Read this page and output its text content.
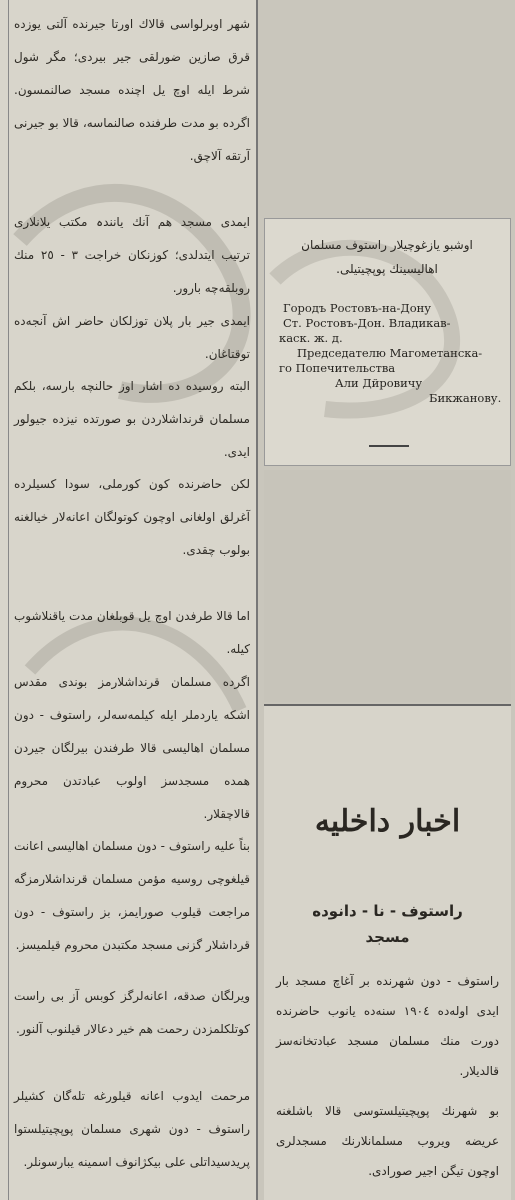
شهر اوبرلواسی قالاك اورتا جیرنده آلتی یوزده قرق صازین ضورلقی جیر بیردی؛ مگر شول شرط ایله اوچ یل اچنده مسجد صالنمسون. اگرده بو مدت طرفنده صالنماسه، قالا بو جیرنی آرتقه آلاچق.

ایمدی مسجد هم آنك یانندہ مكتب یلانلاری ترتیب ایتدلدی؛ کوزنکان خراجت ٣ - ٢٥ منك روبلقه‌چه بارور.

ایمدی جیر بار پلان توزلکان حاضر اش آنجه‌ده توقتاغان.

البته روسیده ده اشار اوز حالنچه بارسه، بلکم مسلمان قرنداشلاردن بو صورتده نیزده جیولور ایدی.

لکن حاضرنده کون کورملی، سودا کسیلرده آغرلق اولغانی اوچون کوتولگان اعانه‌لار خیالغنه بولوب چقدی.

اما قالا طرفدن اوچ یل قوبلغان مدت یاقنلاشوب کیله.

اگرده مسلمان قرنداشلارمز بوندی مقدس اشکه یاردملر ایله کیلمه‌سه‌لر، راستوف - دون مسلمان اهالیسی قالا طرفندن بیرلگان جیردن همده مسجدسز اولوب عبادتدن محروم قالاچقلار.

بناً علیه راستوف - دون مسلمان اهالیسی اعانت قیلغوچی روسیه مؤمن مسلمان قرنداشلارمزگه مراجعت قیلوب صورایمز، بز راستوف - دون قرداشلار گزنی مسجد مكتبدن محروم قیلمیسز.

ویرلگان صدقه، اعانه‌لرگز کوبس آز بی راست کوتلکلمزدن رحمت هم خیر دعالار قیلنوب آلنور.

مرحمت ایدوب اعانه قیلورغه تله‌گان کشیلر راستوف - دون شهری مسلمان پوپچیتیلستوا پریدسیداتلی علی بیکژانوف اسمینه یبارسونلر.

اوشبو یازغوچیلار راستوف مسلمان اهالیسینك پوپچیتیلی.

Городъ Ростовъ-на-Дону
Ст. Ростовъ-Дон. Владикав-
каск. ж. д.
Председателю Магометанска-
го Попечительства
Али Дйровичу
Бикжанову.

اخبار داخلیه

راستوف - نا - دانوده

مسجد

راستوف - دون شهرنده بر آغاچ مسجد بار ایدی اوله‌ده ١٩٠٤ سنه‌ده یانوب حاضرنده دورت منك مسلمان مسجد عبادتخانه‌سز قالدیلار.

بو شهرنك پوپچیتیلستوسی قالا باشلغنه عریضه ویروب مسلمانلارنك مسجدلری اوچون تیگن اجیر صورادی.
